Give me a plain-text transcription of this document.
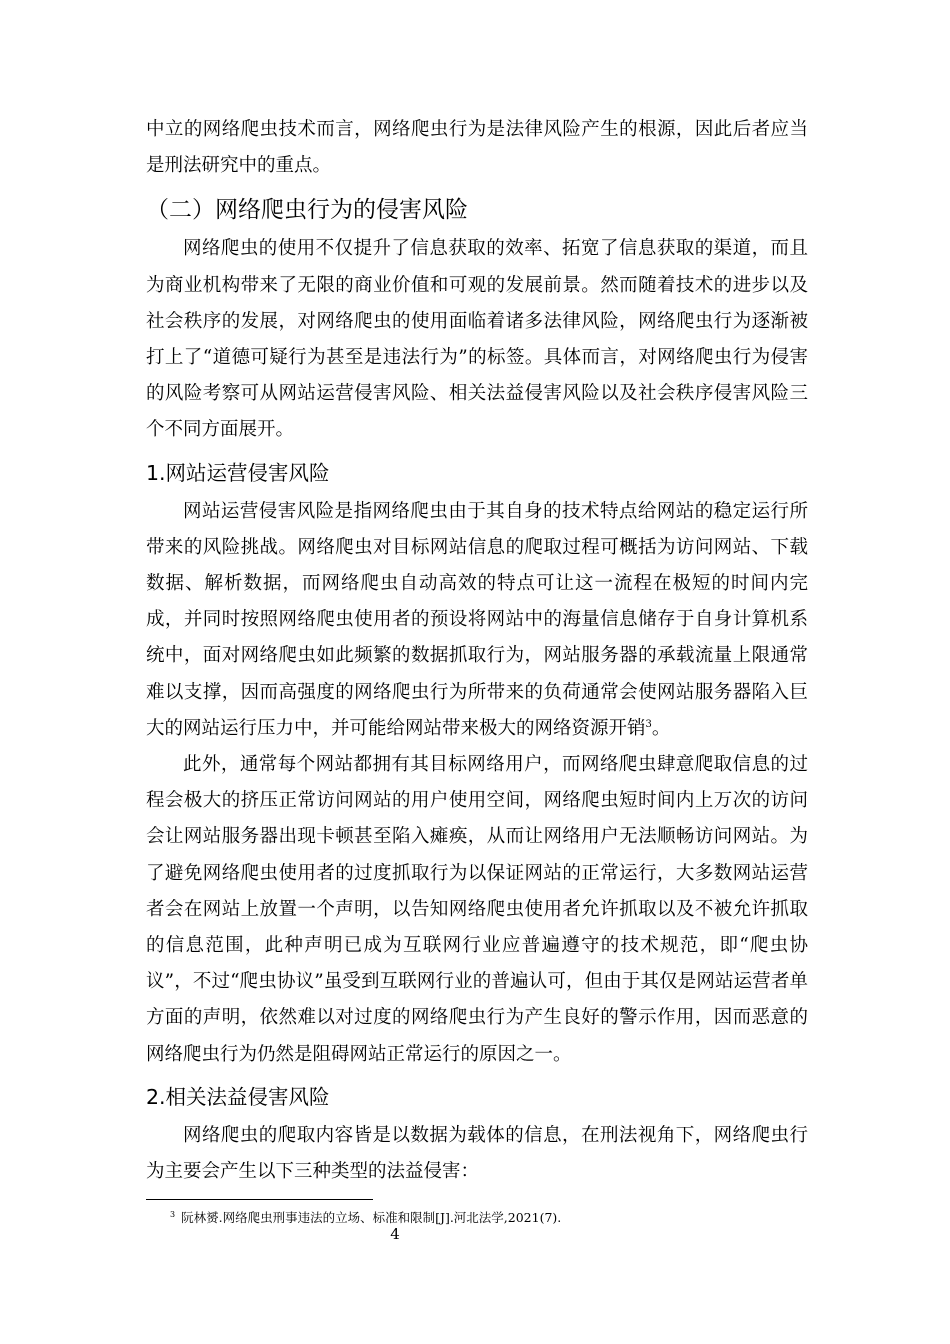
中立的网络爬虫技术而言，网络爬虫行为是法律风险产生的根源，因此后者应当是刑法研究中的重点。

（二）网络爬虫行为的侵害风险

网络爬虫的使用不仅提升了信息获取的效率、拓宽了信息获取的渠道，而且为商业机构带来了无限的商业价值和可观的发展前景。然而随着技术的进步以及社会秩序的发展，对网络爬虫的使用面临着诸多法律风险，网络爬虫行为逐渐被打上了“道德可疑行为甚至是违法行为”的标签。具体而言，对网络爬虫行为侵害的风险考察可从网站运营侵害风险、相关法益侵害风险以及社会秩序侵害风险三个不同方面展开。

1.网站运营侵害风险

网站运营侵害风险是指网络爬虫由于其自身的技术特点给网站的稳定运行所带来的风险挑战。网络爬虫对目标网站信息的爬取过程可概括为访问网站、下载数据、解析数据，而网络爬虫自动高效的特点可让这一流程在极短的时间内完成，并同时按照网络爬虫使用者的预设将网站中的海量信息储存于自身计算机系统中，面对网络爬虫如此频繁的数据抓取行为，网站服务器的承载流量上限通常难以支撑，因而高强度的网络爬虫行为所带来的负荷通常会使网站服务器陷入巨大的网站运行压力中，并可能给网站带来极大的网络资源开销$^3$。

此外，通常每个网站都拥有其目标网络用户，而网络爬虫肆意爬取信息的过程会极大的挤压正常访问网站的用户使用空间，网络爬虫短时间内上万次的访问会让网站服务器出现卡顿甚至陷入瘫痪，从而让网络用户无法顺畅访问网站。为了避免网络爬虫使用者的过度抓取行为以保证网站的正常运行，大多数网站运营者会在网站上放置一个声明，以告知网络爬虫使用者允许抓取以及不被允许抓取的信息范围，此种声明已成为互联网行业应普遍遵守的技术规范，即“爬虫协议”，不过“爬虫协议”虽受到互联网行业的普遍认可，但由于其仅是网站运营者单方面的声明，依然难以对过度的网络爬虫行为产生良好的警示作用，因而恶意的网络爬虫行为仍然是阻碍网站正常运行的原因之一。

2.相关法益侵害风险

网络爬虫的爬取内容皆是以数据为载体的信息，在刑法视角下，网络爬虫行为主要会产生以下三种类型的法益侵害：

$^3$ 阮林赟.网络爬虫刑事违法的立场、标准和限制[J].河北法学,2021(7).
4
